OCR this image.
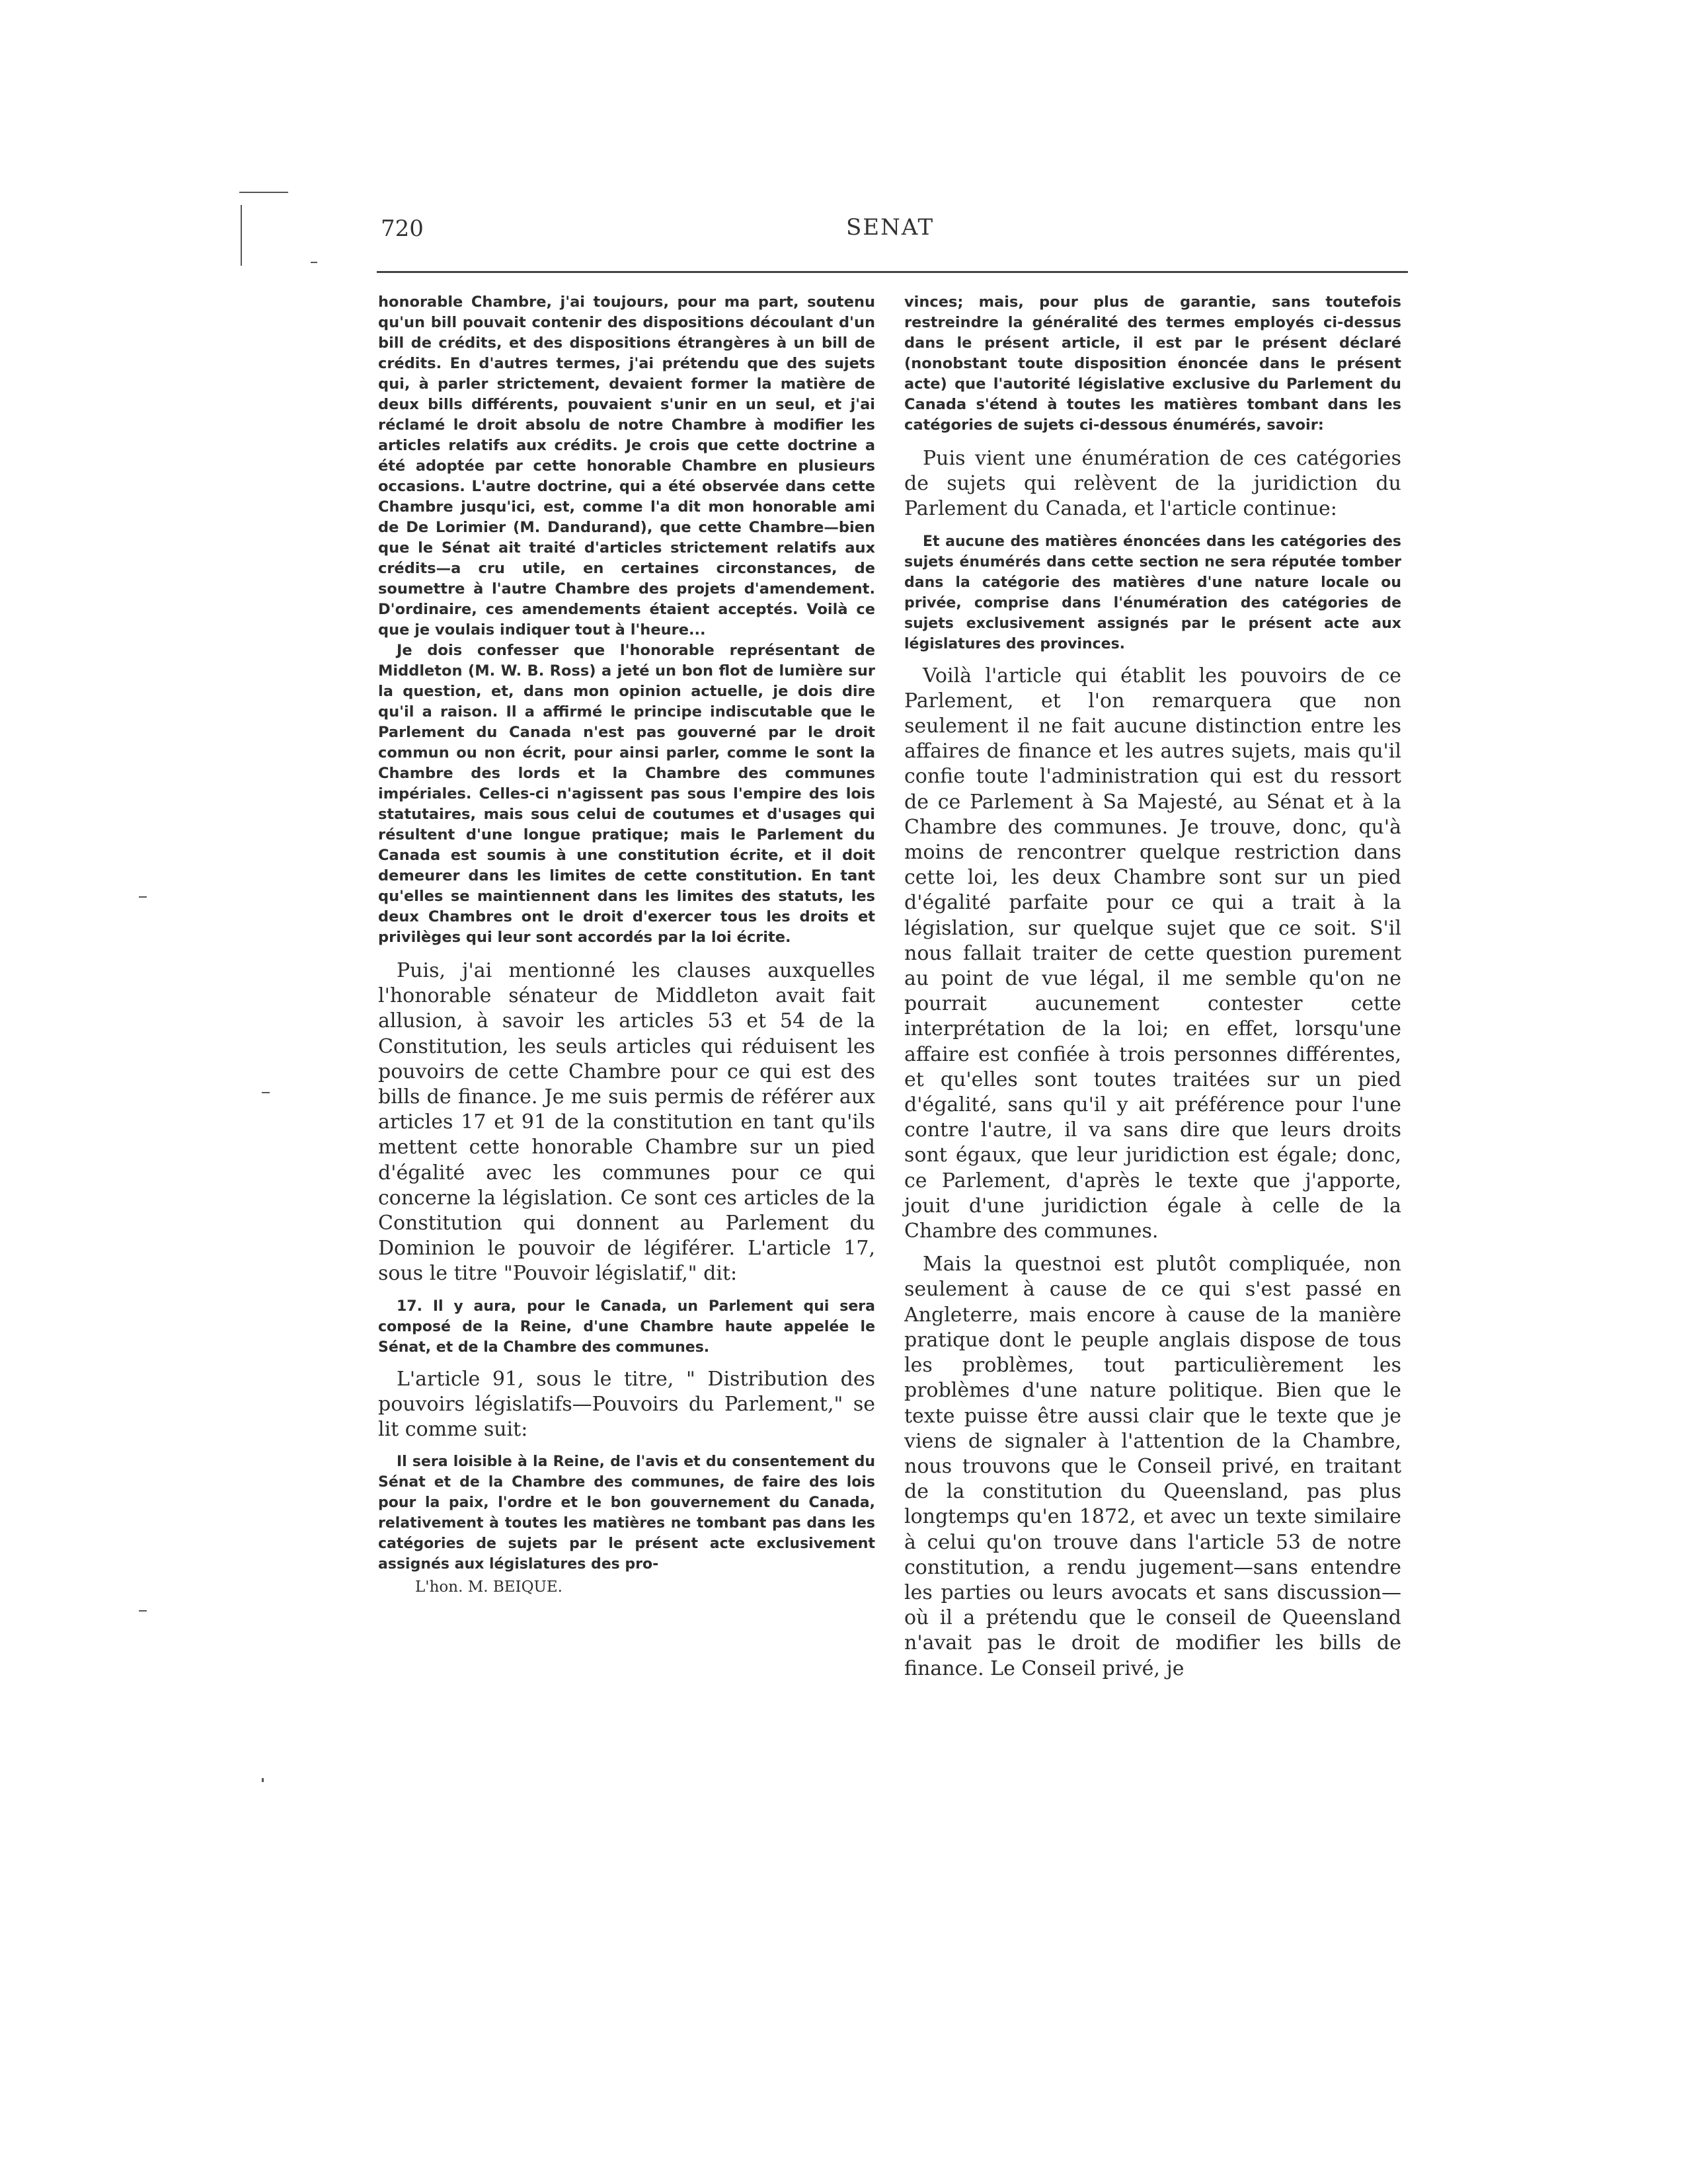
720	SENAT

honorable Chambre, j'ai toujours, pour ma part, soutenu qu'un bill pouvait contenir des dispositions découlant d'un bill de crédits, et des dispositions étrangères à un bill de crédits. En d'autres termes, j'ai prétendu que des sujets qui, à parler strictement, devaient former la matière de deux bills différents, pouvaient s'unir en un seul, et j'ai réclamé le droit absolu de notre Chambre à modifier les articles relatifs aux crédits. Je crois que cette doctrine a été adoptée par cette honorable Chambre en plusieurs occasions. L'autre doctrine, qui a été observée dans cette Chambre jusqu'ici, est, comme l'a dit mon honorable ami de De Lorimier (M. Dandurand), que cette Chambre—bien que le Sénat ait traité d'articles strictement relatifs aux crédits—a cru utile, en certaines circonstances, de soumettre à l'autre Chambre des projets d'amendement. D'ordinaire, ces amendements étaient acceptés. Voilà ce que je voulais indiquer tout à l'heure...

Je dois confesser que l'honorable représentant de Middleton (M. W. B. Ross) a jeté un bon flot de lumière sur la question, et, dans mon opinion actuelle, je dois dire qu'il a raison. Il a affirmé le principe indiscutable que le Parlement du Canada n'est pas gouverné par le droit commun ou non écrit, pour ainsi parler, comme le sont la Chambre des lords et la Chambre des communes impériales. Celles-ci n'agissent pas sous l'empire des lois statutaires, mais sous celui de coutumes et d'usages qui résultent d'une longue pratique; mais le Parlement du Canada est soumis à une constitution écrite, et il doit demeurer dans les limites de cette constitution. En tant qu'elles se maintiennent dans les limites des statuts, les deux Chambres ont le droit d'exercer tous les droits et privilèges qui leur sont accordés par la loi écrite.

Puis, j'ai mentionné les clauses auxquelles l'honorable sénateur de Middleton avait fait allusion, à savoir les articles 53 et 54 de la Constitution, les seuls articles qui réduisent les pouvoirs de cette Chambre pour ce qui est des bills de finance. Je me suis permis de référer aux articles 17 et 91 de la constitution en tant qu'ils mettent cette honorable Chambre sur un pied d'égalité avec les communes pour ce qui concerne la législation. Ce sont ces articles de la Constitution qui donnent au Parlement du Dominion le pouvoir de légiférer. L'article 17, sous le titre "Pouvoir législatif," dit:

17. Il y aura, pour le Canada, un Parlement qui sera composé de la Reine, d'une Chambre haute appelée le Sénat, et de la Chambre des communes.

L'article 91, sous le titre, " Distribution des pouvoirs législatifs—Pouvoirs du Parlement," se lit comme suit:

Il sera loisible à la Reine, de l'avis et du consentement du Sénat et de la Chambre des communes, de faire des lois pour la paix, l'ordre et le bon gouvernement du Canada, relativement à toutes les matières ne tombant pas dans les catégories de sujets par le présent acte exclusivement assignés aux législatures des pro-

L'hon. M. BEIQUE.

vinces; mais, pour plus de garantie, sans toutefois restreindre la généralité des termes employés ci-dessus dans le présent article, il est par le présent déclaré (nonobstant toute disposition énoncée dans le présent acte) que l'autorité législative exclusive du Parlement du Canada s'étend à toutes les matières tombant dans les catégories de sujets ci-dessous énumérés, savoir:

Puis vient une énumération de ces catégories de sujets qui relèvent de la juridiction du Parlement du Canada, et l'article continue:

Et aucune des matières énoncées dans les catégories des sujets énumérés dans cette section ne sera réputée tomber dans la catégorie des matières d'une nature locale ou privée, comprise dans l'énumération des catégories de sujets exclusivement assignés par le présent acte aux législatures des provinces.

Voilà l'article qui établit les pouvoirs de ce Parlement, et l'on remarquera que non seulement il ne fait aucune distinction entre les affaires de finance et les autres sujets, mais qu'il confie toute l'administration qui est du ressort de ce Parlement à Sa Majesté, au Sénat et à la Chambre des communes. Je trouve, donc, qu'à moins de rencontrer quelque restriction dans cette loi, les deux Chambre sont sur un pied d'égalité parfaite pour ce qui a trait à la législation, sur quelque sujet que ce soit. S'il nous fallait traiter de cette question purement au point de vue légal, il me semble qu'on ne pourrait aucunement contester cette interprétation de la loi; en effet, lorsqu'une affaire est confiée à trois personnes différentes, et qu'elles sont toutes traitées sur un pied d'égalité, sans qu'il y ait préférence pour l'une contre l'autre, il va sans dire que leurs droits sont égaux, que leur juridiction est égale; donc, ce Parlement, d'après le texte que j'apporte, jouit d'une juridiction égale à celle de la Chambre des communes.

Mais la questnoi est plutôt compliquée, non seulement à cause de ce qui s'est passé en Angleterre, mais encore à cause de la manière pratique dont le peuple anglais dispose de tous les problèmes, tout particulièrement les problèmes d'une nature politique. Bien que le texte puisse être aussi clair que le texte que je viens de signaler à l'attention de la Chambre, nous trouvons que le Conseil privé, en traitant de la constitution du Queensland, pas plus longtemps qu'en 1872, et avec un texte similaire à celui qu'on trouve dans l'article 53 de notre constitution, a rendu jugement—sans entendre les parties ou leurs avocats et sans discussion—où il a prétendu que le conseil de Queensland n'avait pas le droit de modifier les bills de finance. Le Conseil privé, je
